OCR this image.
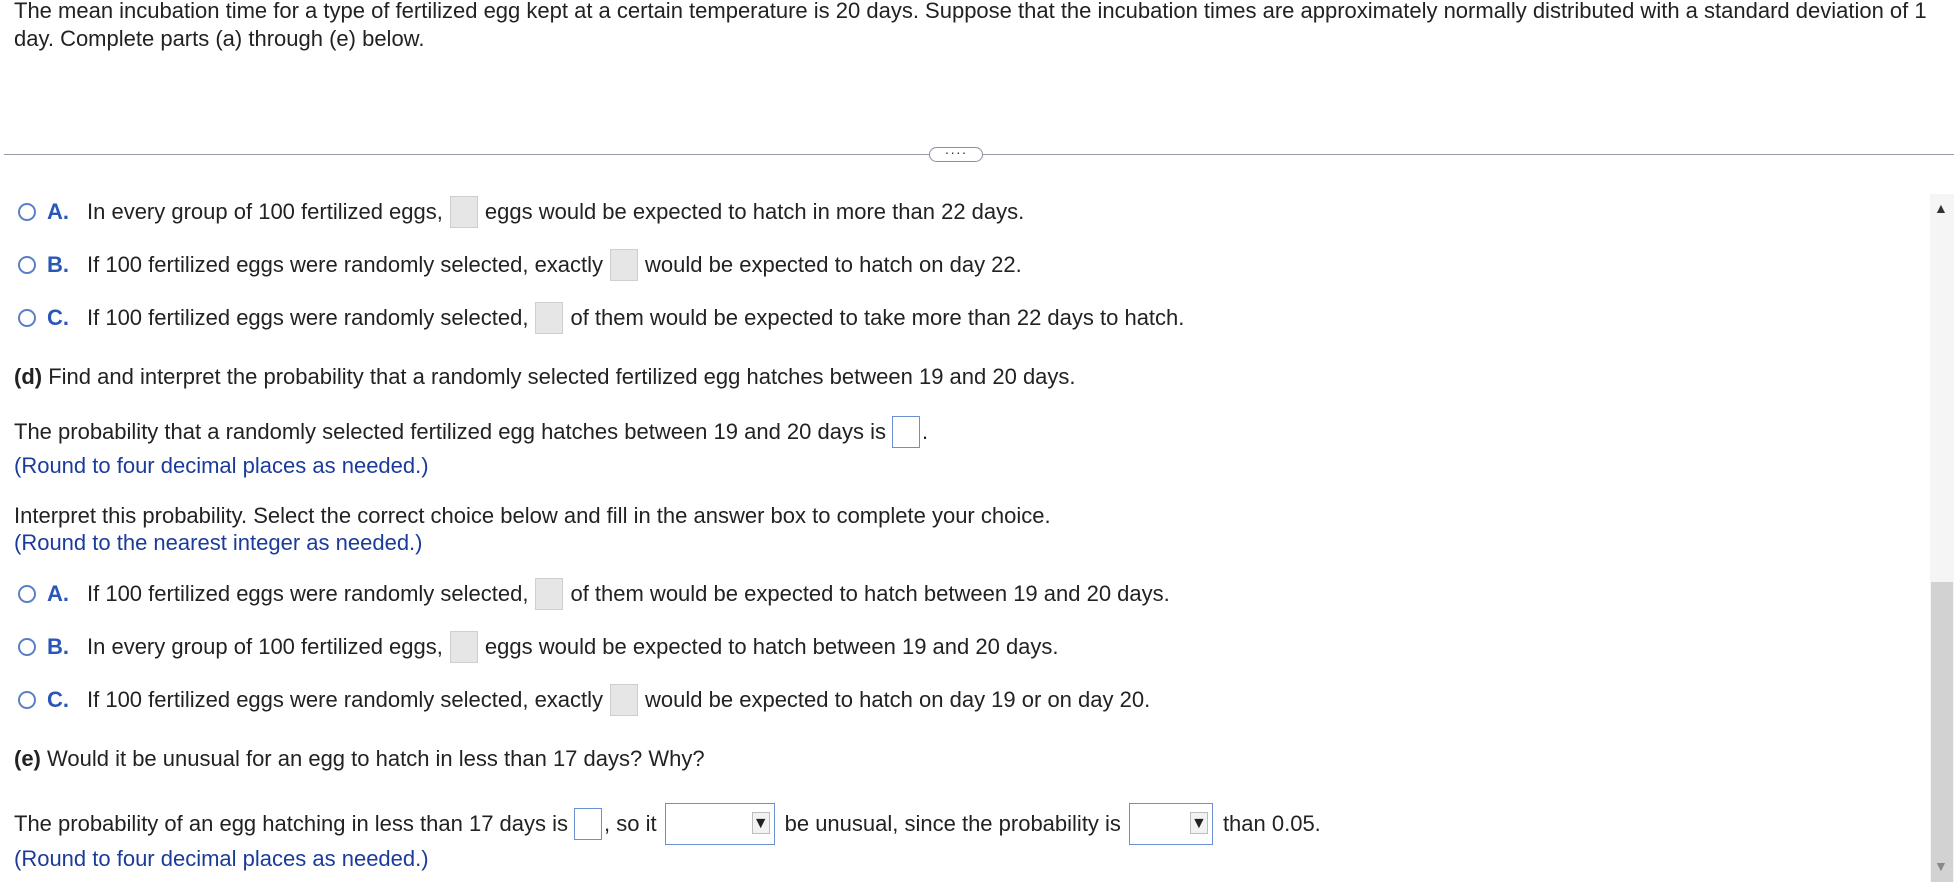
The mean incubation time for a type of fertilized egg kept at a certain temperature is 20 days. Suppose that the incubation times are approximately normally distributed with a standard deviation of 1 day. Complete parts (a) through (e) below.
····
A. In every group of 100 fertilized eggs, eggs would be expected to hatch in more than 22 days.
B. If 100 fertilized eggs were randomly selected, exactly would be expected to hatch on day 22.
C. If 100 fertilized eggs were randomly selected, of them would be expected to take more than 22 days to hatch.
(d) Find and interpret the probability that a randomly selected fertilized egg hatches between 19 and 20 days.
The probability that a randomly selected fertilized egg hatches between 19 and 20 days is .
(Round to four decimal places as needed.)
Interpret this probability. Select the correct choice below and fill in the answer box to complete your choice.
(Round to the nearest integer as needed.)
A. If 100 fertilized eggs were randomly selected, of them would be expected to hatch between 19 and 20 days.
B. In every group of 100 fertilized eggs, eggs would be expected to hatch between 19 and 20 days.
C. If 100 fertilized eggs were randomly selected, exactly would be expected to hatch on day 19 or on day 20.
(e) Would it be unusual for an egg to hatch in less than 17 days? Why?
The probability of an egg hatching in less than 17 days is , so it	▼ be unusual, since the probability is	▼ than 0.05.
(Round to four decimal places as needed.)
▲
▼
